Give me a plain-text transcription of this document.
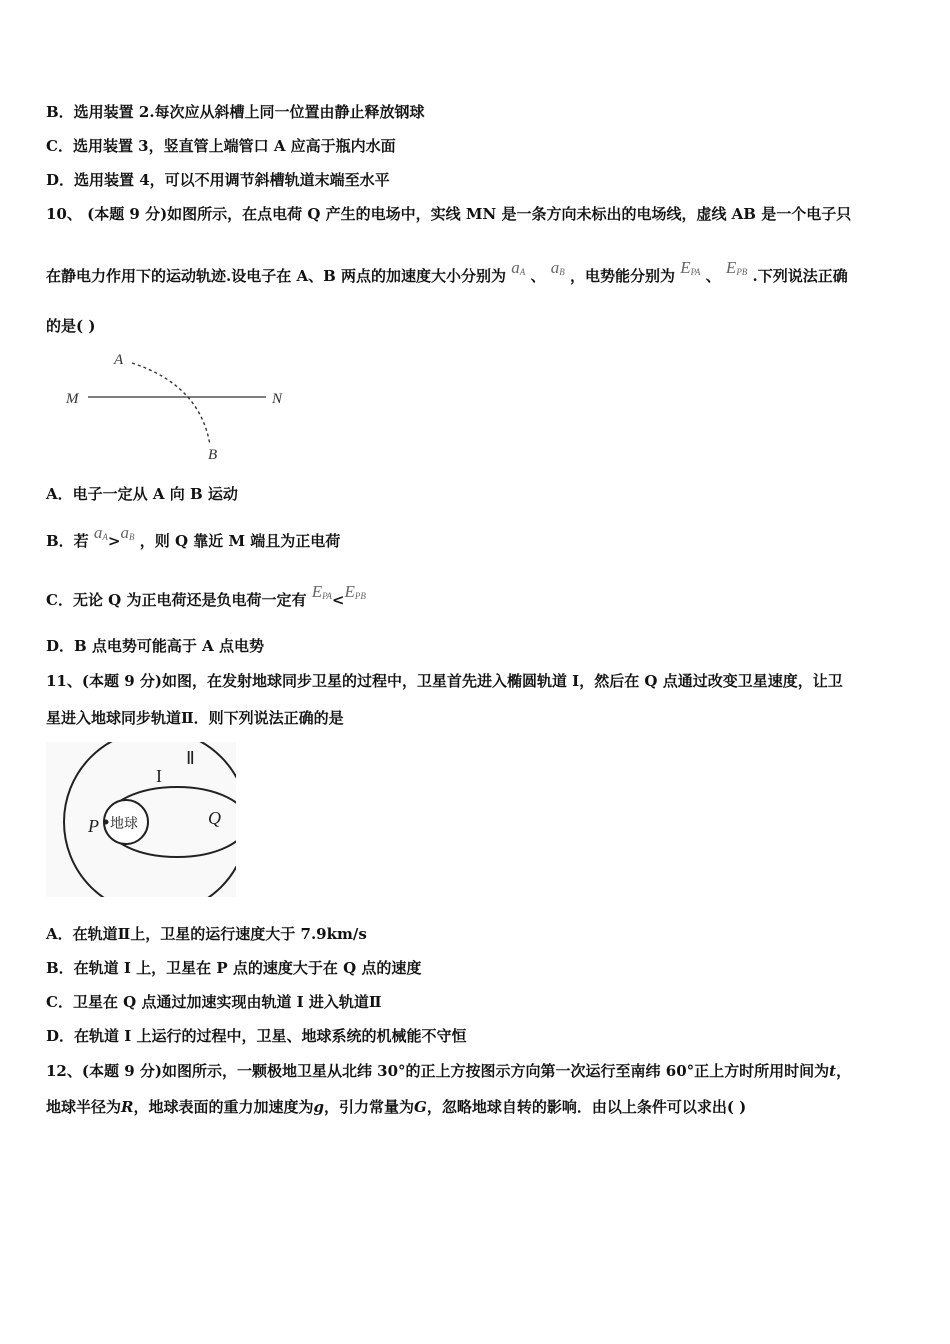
B．选用装置 2.每次应从斜槽上同一位置由静止释放钢球
C．选用装置 3，竖直管上端管口 A 应高于瓶内水面
D．选用装置 4，可以不用调节斜槽轨道末端至水平
10、 (本题 9 分)如图所示，在点电荷 Q 产生的电场中，实线 MN 是一条方向未标出的电场线，虚线 AB 是一个电子只
在静电力作用下的运动轨迹.设电子在 A、B 两点的加速度大小分别为 aA 、 aB ，电势能分别为 EPA 、 EPB .下列说法正确
的是( )
A
B
M	N
A．电子一定从 A 向 B 运动
B．若 aA>aB ，则 Q 靠近 M 端且为正电荷
C．无论 Q 为正电荷还是负电荷一定有 EPA<EPB
D．B 点电势可能高于 A 点电势
11、(本题 9 分)如图，在发射地球同步卫星的过程中，卫星首先进入椭圆轨道 I，然后在 Q 点通过改变卫星速度，让卫
星进入地球同步轨道Ⅱ．则下列说法正确的是
地球
P
I
Ⅱ
Q
A．在轨道Ⅱ上，卫星的运行速度大于 7.9km/s
B．在轨道 I 上，卫星在 P 点的速度大于在 Q 点的速度
C．卫星在 Q 点通过加速实现由轨道 I 进入轨道Ⅱ
D．在轨道 I 上运行的过程中，卫星、地球系统的机械能不守恒
12、(本题 9 分)如图所示，一颗极地卫星从北纬 30°的正上方按图示方向第一次运行至南纬 60°正上方时所用时间为t，
地球半径为R，地球表面的重力加速度为g，引力常量为G，忽略地球自转的影响．由以上条件可以求出( )
